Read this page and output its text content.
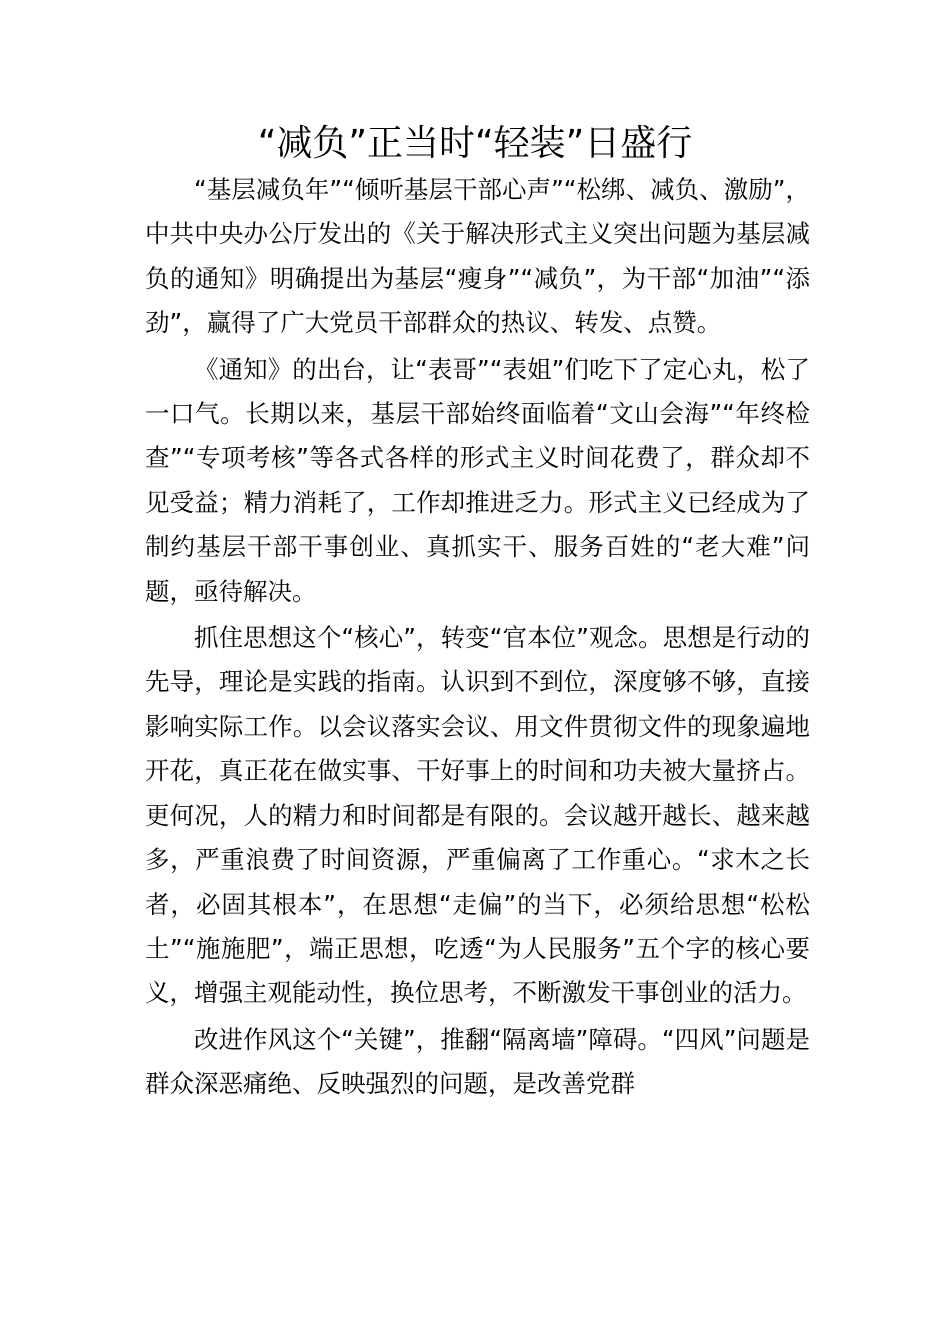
“减负”正当时“轻装”日盛行

“基层减负年”“倾听基层干部心声”“松绑、减负、激励”，中共中央办公厅发出的《关于解决形式主义突出问题为基层减负的通知》明确提出为基层“瘦身”“减负”，为干部“加油”“添劲”，赢得了广大党员干部群众的热议、转发、点赞。

《通知》的出台，让“表哥”“表姐”们吃下了定心丸，松了一口气。长期以来，基层干部始终面临着“文山会海”“年终检查”“专项考核”等各式各样的形式主义时间花费了，群众却不见受益；精力消耗了，工作却推进乏力。形式主义已经成为了制约基层干部干事创业、真抓实干、服务百姓的“老大难”问题，亟待解决。

抓住思想这个“核心”，转变“官本位”观念。思想是行动的先导，理论是实践的指南。认识到不到位，深度够不够，直接影响实际工作。以会议落实会议、用文件贯彻文件的现象遍地开花，真正花在做实事、干好事上的时间和功夫被大量挤占。更何况，人的精力和时间都是有限的。会议越开越长、越来越多，严重浪费了时间资源，严重偏离了工作重心。“求木之长者，必固其根本”，在思想“走偏”的当下，必须给思想“松松土”“施施肥”，端正思想，吃透“为人民服务”五个字的核心要义，增强主观能动性，换位思考，不断激发干事创业的活力。

改进作风这个“关键”，推翻“隔离墙”障碍。“四风”问题是群众深恶痛绝、反映强烈的问题，是改善党群
